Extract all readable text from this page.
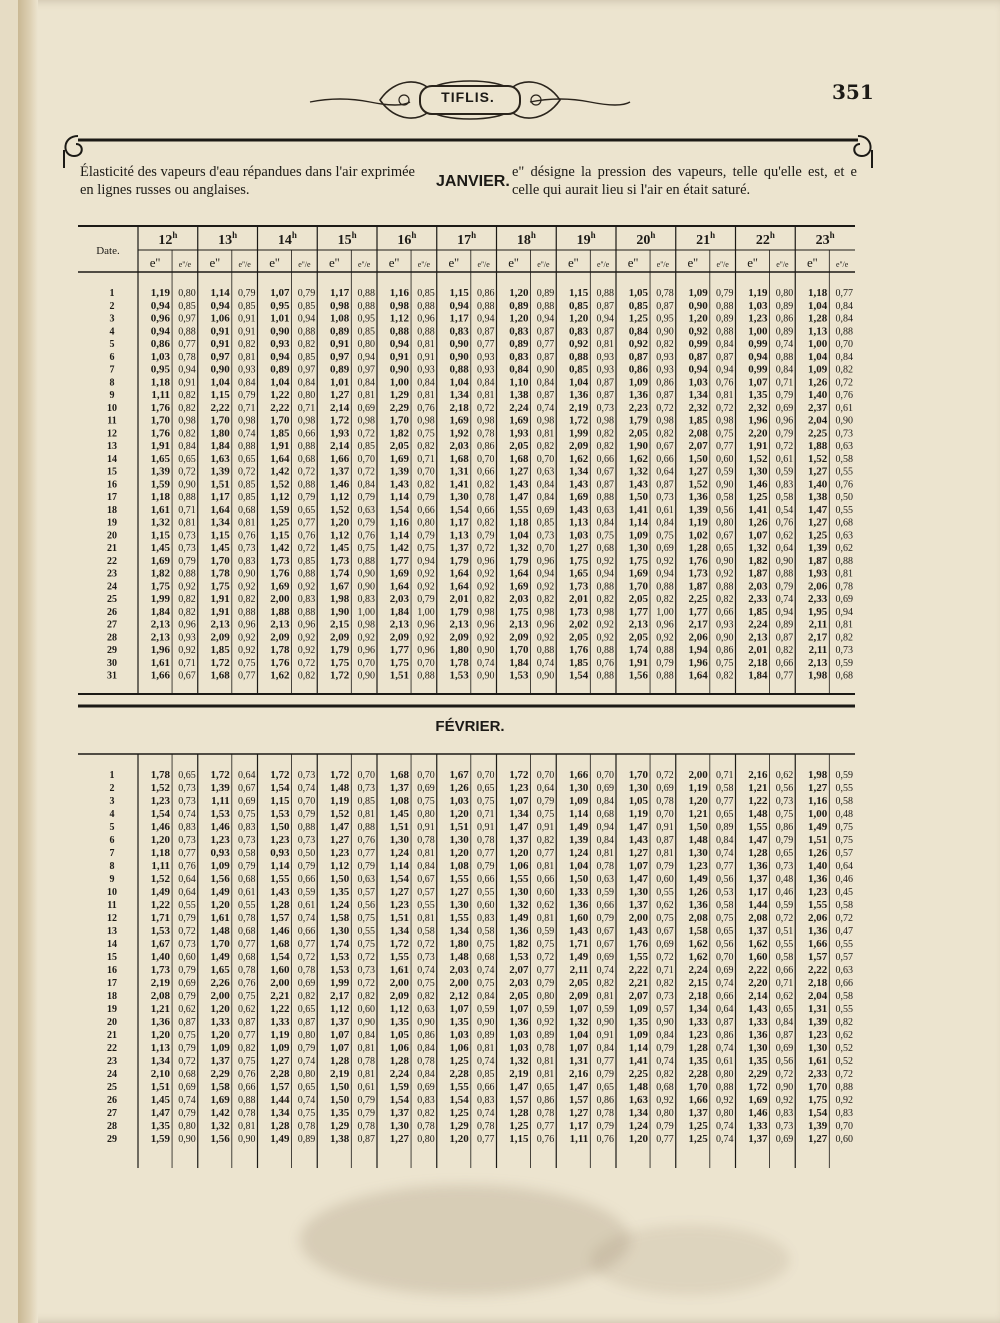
TIFLIS.	351
Élasticité des vapeurs d'eau répandues dans l'air exprimée en lignes russes ou anglaises.	JANVIER.
e" désigne la pression des vapeurs, telle qu'elle est, et e celle qui aurait lieu si l'air en était saturé.
Date.
12$^h$
e'' e''/e
13$^h$
e'' e''/e
14$^h$
e'' e''/e
15$^h$
e'' e''/e
16$^h$
e'' e''/e
17$^h$
e'' e''/e
18$^h$
e'' e''/e
19$^h$
e'' e''/e
20$^h$
e'' e''/e
21$^h$
e'' e''/e
22$^h$
e'' e''/e
23$^h$
e'' e''/e
1	1,19 0,80 1,14 0,79 1,07 0,79 1,17 0,88 1,16 0,85 1,15 0,86 1,20 0,89 1,15 0,88 1,05 0,78 1,09 0,79 1,19 0,80 1,18 0,77
2	0,94 0,85 0,94 0,85 0,95 0,85 0,98 0,88 0,98 0,88 0,94 0,88 0,89 0,88 0,85 0,87 0,85 0,87 0,90 0,88 1,03 0,89 1,04 0,84
3	0,96 0,97 1,06 0,91 1,01 0,94 1,08 0,95 1,12 0,96 1,17 0,94 1,20 0,94 1,20 0,94 1,25 0,95 1,20 0,89 1,23 0,86 1,28 0,84
4	0,94 0,88 0,91 0,91 0,90 0,88 0,89 0,85 0,88 0,88 0,83 0,87 0,83 0,87 0,83 0,87 0,84 0,90 0,92 0,88 1,00 0,89 1,13 0,88
5	0,86 0,77 0,91 0,82 0,93 0,82 0,91 0,80 0,94 0,81 0,90 0,77 0,89 0,77 0,92 0,81 0,92 0,82 0,99 0,84 0,99 0,74 1,00 0,70
6	1,03 0,78 0,97 0,81 0,94 0,85 0,97 0,94 0,91 0,91 0,90 0,93 0,83 0,87 0,88 0,93 0,87 0,93 0,87 0,87 0,94 0,88 1,04 0,84
7	0,95 0,94 0,90 0,93 0,89 0,97 0,89 0,97 0,90 0,93 0,88 0,93 0,84 0,90 0,85 0,93 0,86 0,93 0,94 0,94 0,99 0,84 1,09 0,82
8	1,18 0,91 1,04 0,84 1,04 0,84 1,01 0,84 1,00 0,84 1,04 0,84 1,10 0,84 1,04 0,87 1,09 0,86 1,03 0,76 1,07 0,71 1,26 0,72
9	1,11 0,82 1,15 0,79 1,22 0,80 1,27 0,81 1,29 0,81 1,34 0,81 1,38 0,87 1,36 0,87 1,36 0,87 1,34 0,81 1,35 0,79 1,40 0,76
10	1,76 0,82 2,22 0,71 2,22 0,71 2,14 0,69 2,29 0,76 2,18 0,72 2,24 0,74 2,19 0,73 2,23 0,72 2,32 0,72 2,32 0,69 2,37 0,61
11	1,70 0,98 1,70 0,98 1,70 0,98 1,72 0,98 1,70 0,98 1,69 0,98 1,69 0,98 1,72 0,98 1,79 0,98 1,85 0,98 1,96 0,96 2,04 0,90
12	1,76 0,82 1,80 0,74 1,85 0,66 1,93 0,72 1,82 0,75 1,92 0,78 1,93 0,81 1,99 0,82 2,05 0,82 2,08 0,75 2,20 0,79 2,25 0,73
13	1,91 0,84 1,84 0,88 1,91 0,88 2,14 0,85 2,05 0,82 2,03 0,86 2,05 0,82 2,09 0,82 1,90 0,67 2,07 0,77 1,91 0,72 1,88 0,63
14	1,65 0,65 1,63 0,65 1,64 0,68 1,66 0,70 1,69 0,71 1,68 0,70 1,68 0,70 1,62 0,66 1,62 0,66 1,50 0,60 1,52 0,61 1,52 0,58
15	1,39 0,72 1,39 0,72 1,42 0,72 1,37 0,72 1,39 0,70 1,31 0,66 1,27 0,63 1,34 0,67 1,32 0,64 1,27 0,59 1,30 0,59 1,27 0,55
16	1,59 0,90 1,51 0,85 1,52 0,88 1,46 0,84 1,43 0,82 1,41 0,82 1,43 0,84 1,43 0,87 1,43 0,87 1,52 0,90 1,46 0,83 1,40 0,76
17	1,18 0,88 1,17 0,85 1,12 0,79 1,12 0,79 1,14 0,79 1,30 0,78 1,47 0,84 1,69 0,88 1,50 0,73 1,36 0,58 1,25 0,58 1,38 0,50
18	1,61 0,71 1,64 0,68 1,59 0,65 1,52 0,63 1,54 0,66 1,54 0,66 1,55 0,69 1,43 0,63 1,41 0,61 1,39 0,56 1,41 0,54 1,47 0,55
19	1,32 0,81 1,34 0,81 1,25 0,77 1,20 0,79 1,16 0,80 1,17 0,82 1,18 0,85 1,13 0,84 1,14 0,84 1,19 0,80 1,26 0,76 1,27 0,68
20	1,15 0,73 1,15 0,76 1,15 0,76 1,12 0,76 1,14 0,79 1,13 0,79 1,04 0,73 1,03 0,75 1,09 0,75 1,02 0,67 1,07 0,62 1,25 0,63
21	1,45 0,73 1,45 0,73 1,42 0,72 1,45 0,75 1,42 0,75 1,37 0,72 1,32 0,70 1,27 0,68 1,30 0,69 1,28 0,65 1,32 0,64 1,39 0,62
22	1,69 0,79 1,70 0,83 1,73 0,85 1,73 0,88 1,77 0,94 1,79 0,96 1,79 0,96 1,75 0,92 1,75 0,92 1,76 0,90 1,82 0,90 1,87 0,88
23	1,82 0,88 1,78 0,90 1,76 0,88 1,74 0,90 1,69 0,92 1,64 0,92 1,64 0,94 1,65 0,94 1,69 0,94 1,73 0,92 1,87 0,88 1,93 0,81
24	1,75 0,92 1,75 0,92 1,69 0,92 1,67 0,90 1,64 0,92 1,64 0,92 1,69 0,92 1,73 0,88 1,70 0,88 1,87 0,88 2,03 0,79 2,06 0,78
25	1,99 0,82 1,91 0,82 2,00 0,83 1,98 0,83 2,03 0,79 2,01 0,82 2,03 0,82 2,01 0,82 2,05 0,82 2,25 0,82 2,33 0,74 2,33 0,69
26	1,84 0,82 1,91 0,88 1,88 0,88 1,90 1,00 1,84 1,00 1,79 0,98 1,75 0,98 1,73 0,98 1,77 1,00 1,77 0,66 1,85 0,94 1,95 0,94
27	2,13 0,96 2,13 0,96 2,13 0,96 2,15 0,98 2,13 0,96 2,13 0,96 2,13 0,96 2,02 0,92 2,13 0,96 2,17 0,93 2,24 0,89 2,11 0,81
28	2,13 0,93 2,09 0,92 2,09 0,92 2,09 0,92 2,09 0,92 2,09 0,92 2,09 0,92 2,05 0,92 2,05 0,92 2,06 0,90 2,13 0,87 2,17 0,82
29	1,96 0,92 1,85 0,92 1,78 0,92 1,79 0,96 1,77 0,96 1,80 0,90 1,70 0,88 1,76 0,88 1,74 0,88 1,94 0,86 2,01 0,82 2,11 0,73
30	1,61 0,71 1,72 0,75 1,76 0,72 1,75 0,70 1,75 0,70 1,78 0,74 1,84 0,74 1,85 0,76 1,91 0,79 1,96 0,75 2,18 0,66 2,13 0,59
31	1,66 0,67 1,68 0,77 1,62 0,82 1,72 0,90 1,51 0,88 1,53 0,90 1,53 0,90 1,54 0,88 1,56 0,88 1,64 0,82 1,84 0,77 1,98 0,68
1	1,78 0,65 1,72 0,64 1,72 0,73 1,72 0,70 1,68 0,70 1,67 0,70 1,72 0,70 1,66 0,70 1,70 0,72 2,00 0,71 2,16 0,62 1,98 0,59
2	1,52 0,73 1,39 0,67 1,54 0,74 1,48 0,73 1,37 0,69 1,26 0,65 1,23 0,64 1,30 0,69 1,30 0,69 1,19 0,58 1,21 0,56 1,27 0,55
3	1,23 0,73 1,11 0,69 1,15 0,70 1,19 0,85 1,08 0,75 1,03 0,75 1,07 0,79 1,09 0,84 1,05 0,78 1,20 0,77 1,22 0,73 1,16 0,58
4	1,54 0,74 1,53 0,75 1,53 0,79 1,52 0,81 1,45 0,80 1,20 0,71 1,34 0,75 1,14 0,68 1,19 0,70 1,21 0,65 1,48 0,75 1,00 0,48
5	1,46 0,83 1,46 0,83 1,50 0,88 1,47 0,88 1,51 0,91 1,51 0,91 1,47 0,91 1,49 0,94 1,47 0,91 1,50 0,89 1,55 0,86 1,49 0,75
6	1,20 0,73 1,23 0,73 1,23 0,73 1,27 0,76 1,30 0,78 1,30 0,78 1,37 0,82 1,39 0,84 1,43 0,87 1,48 0,84 1,47 0,79 1,51 0,75
7	1,18 0,77 0,93 0,58 0,93 0,50 1,23 0,77 1,24 0,81 1,20 0,77 1,20 0,77 1,24 0,81 1,27 0,81 1,30 0,74 1,28 0,65 1,26 0,57
8	1,11 0,76 1,09 0,79 1,14 0,79 1,12 0,79 1,14 0,84 1,08 0,79 1,06 0,81 1,04 0,78 1,07 0,79 1,23 0,77 1,36 0,73 1,40 0,64
9	1,52 0,64 1,56 0,68 1,55 0,66 1,50 0,63 1,54 0,67 1,55 0,66 1,55 0,66 1,50 0,63 1,47 0,60 1,49 0,56 1,37 0,48 1,36 0,46
10	1,49 0,64 1,49 0,61 1,43 0,59 1,35 0,57 1,27 0,57 1,27 0,55 1,30 0,60 1,33 0,59 1,30 0,55 1,26 0,53 1,17 0,46 1,23 0,45
11	1,22 0,55 1,20 0,55 1,28 0,61 1,24 0,56 1,23 0,55 1,30 0,60 1,32 0,62 1,36 0,66 1,37 0,62 1,36 0,58 1,44 0,59 1,55 0,58
12	1,71 0,79 1,61 0,78 1,57 0,74 1,58 0,75 1,51 0,81 1,55 0,83 1,49 0,81 1,60 0,79 2,00 0,75 2,08 0,75 2,08 0,72 2,06 0,72
13	1,53 0,72 1,48 0,68 1,46 0,66 1,30 0,55 1,34 0,58 1,34 0,58 1,36 0,59 1,43 0,67 1,43 0,67 1,58 0,65 1,37 0,51 1,36 0,47
14	1,67 0,73 1,70 0,77 1,68 0,77 1,74 0,75 1,72 0,72 1,80 0,75 1,82 0,75 1,71 0,67 1,76 0,69 1,62 0,56 1,62 0,55 1,66 0,55
15	1,40 0,60 1,49 0,68 1,54 0,72 1,53 0,72 1,55 0,73 1,48 0,68 1,53 0,72 1,49 0,69 1,55 0,72 1,62 0,70 1,60 0,58 1,57 0,57
16	1,73 0,79 1,65 0,78 1,60 0,78 1,53 0,73 1,61 0,74 2,03 0,74 2,07 0,77 2,11 0,74 2,22 0,71 2,24 0,69 2,22 0,66 2,22 0,63
17	2,19 0,69 2,26 0,76 2,00 0,69 1,99 0,72 2,00 0,75 2,00 0,75 2,03 0,79 2,05 0,82 2,21 0,82 2,15 0,74 2,20 0,71 2,18 0,66
18	2,08 0,79 2,00 0,75 2,21 0,82 2,17 0,82 2,09 0,82 2,12 0,84 2,05 0,80 2,09 0,81 2,07 0,73 2,18 0,66 2,14 0,62 2,04 0,58
19	1,21 0,62 1,20 0,62 1,22 0,65 1,12 0,60 1,12 0,63 1,07 0,59 1,07 0,59 1,07 0,59 1,09 0,57 1,34 0,64 1,43 0,65 1,31 0,55
20	1,36 0,87 1,33 0,87 1,33 0,87 1,37 0,90 1,35 0,90 1,35 0,90 1,36 0,92 1,32 0,90 1,35 0,90 1,33 0,87 1,33 0,84 1,39 0,82
21	1,20 0,75 1,20 0,77 1,19 0,80 1,07 0,84 1,05 0,86 1,03 0,89 1,03 0,89 1,04 0,91 1,09 0,84 1,23 0,86 1,36 0,87 1,23 0,62
22	1,13 0,79 1,09 0,82 1,09 0,79 1,07 0,81 1,06 0,84 1,06 0,81 1,03 0,78 1,07 0,84 1,14 0,79 1,28 0,74 1,30 0,69 1,30 0,52
23	1,34 0,72 1,37 0,75 1,27 0,74 1,28 0,78 1,28 0,78 1,25 0,74 1,32 0,81 1,31 0,77 1,41 0,74 1,35 0,61 1,35 0,56 1,61 0,52
24	2,10 0,68 2,29 0,76 2,28 0,80 2,19 0,81 2,24 0,84 2,28 0,85 2,19 0,81 2,16 0,79 2,25 0,82 2,28 0,80 2,29 0,72 2,33 0,72
25	1,51 0,69 1,58 0,66 1,57 0,65 1,50 0,61 1,59 0,69 1,55 0,66 1,47 0,65 1,47 0,65 1,48 0,68 1,70 0,88 1,72 0,90 1,70 0,88
26	1,45 0,74 1,69 0,88 1,44 0,74 1,50 0,79 1,54 0,83 1,54 0,83 1,57 0,86 1,57 0,86 1,63 0,92 1,66 0,92 1,69 0,92 1,75 0,92
27	1,47 0,79 1,42 0,78 1,34 0,75 1,35 0,79 1,37 0,82 1,25 0,74 1,28 0,78 1,27 0,78 1,34 0,80 1,37 0,80 1,46 0,83 1,54 0,83
28	1,35 0,80 1,32 0,81 1,28 0,78 1,29 0,78 1,30 0,78 1,29 0,78 1,25 0,77 1,17 0,79 1,24 0,79 1,25 0,74 1,33 0,73 1,39 0,70
29	1,59 0,90 1,56 0,90 1,49 0,89 1,38 0,87 1,27 0,80 1,20 0,77 1,15 0,76 1,11 0,76 1,20 0,77 1,25 0,74 1,37 0,69 1,27 0,60
FÉVRIER.
